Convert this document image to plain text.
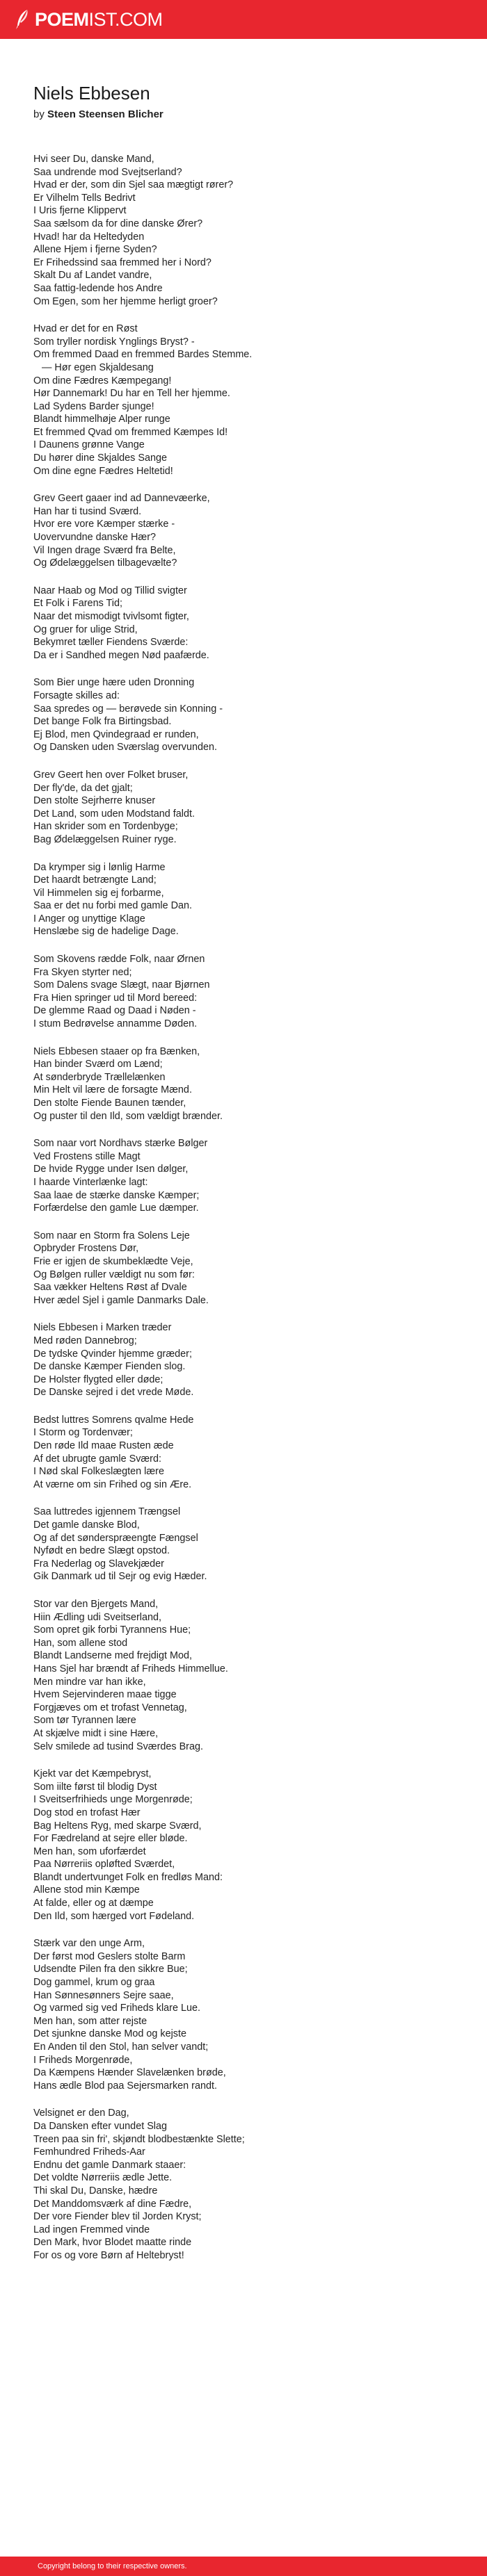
POEM IST.COM
Niels Ebbesen
by Steen Steensen Blicher
Hvi seer Du, danske Mand,
Saa undrende mod Svejtserland?
Hvad er der, som din Sjel saa mægtigt rører?
Er Vilhelm Tells Bedrivt
I Uris fjerne Klippervt
Saa sælsom da for dine danske Ører?
Hvad! har da Heltedyden
Allene Hjem i fjerne Syden?
Er Frihedssind saa fremmed her i Nord?
Skalt Du af Landet vandre,
Saa fattig-ledende hos Andre
Om Egen, som her hjemme herligt groer?
Hvad er det for en Røst
Som tryller nordisk Ynglings Bryst? -
Om fremmed Daad en fremmed Bardes Stemme.
— Hør egen Skjaldesang
Om dine Fædres Kæmpegang!
Hør Dannemark! Du har en Tell her hjemme.
Lad Sydens Barder sjunge!
Blandt himmelhøje Alper runge
Et fremmed Qvad om fremmed Kæmpes Id!
I Daunens grønne Vange
Du hører dine Skjaldes Sange
Om dine egne Fædres Heltetid!
Grev Geert gaaer ind ad Dannevæerke,
Han har ti tusind Sværd.
Hvor ere vore Kæmper stærke -
Uovervundne danske Hær?
Vil Ingen drage Sværd fra Belte,
Og Ødelæggelsen tilbagevælte?
Naar Haab og Mod og Tillid svigter
Et Folk i Farens Tid;
Naar det mismodigt tvivlsomt figter,
Og gruer for ulige Strid,
Bekymret tæller Fiendens Sværde:
Da er i Sandhed megen Nød paafærde.
Som Bier unge hære uden Dronning
Forsagte skilles ad:
Saa spredes og — berøvede sin Konning -
Det bange Folk fra Birtingsbad.
Ej Blod, men Qvindegraad er runden,
Og Dansken uden Sværslag overvunden.
Grev Geert hen over Folket bruser,
Der fly'de, da det gjalt;
Den stolte Sejrherre knuser
Det Land, som uden Modstand faldt.
Han skrider som en Tordenbyge;
Bag Ødelæggelsen Ruiner ryge.
Da krymper sig i lønlig Harme
Det haardt betrængte Land;
Vil Himmelen sig ej forbarme,
Saa er det nu forbi med gamle Dan.
I Anger og unyttige Klage
Henslæbe sig de hadelige Dage.
Som Skovens rædde Folk, naar Ørnen
Fra Skyen styrter ned;
Som Dalens svage Slægt, naar Bjørnen
Fra Hien springer ud til Mord bereed:
De glemme Raad og Daad i Nøden -
I stum Bedrøvelse annamme Døden.
Niels Ebbesen staaer op fra Bænken,
Han binder Sværd om Lænd;
At sønderbryde Trællelænken
Min Helt vil lære de forsagte Mænd.
Den stolte Fiende Baunen tænder,
Og puster til den Ild, som vældigt brænder.
Som naar vort Nordhavs stærke Bølger
Ved Frostens stille Magt
De hvide Rygge under Isen dølger,
I haarde Vinterlænke lagt:
Saa laae de stærke danske Kæmper;
Forfærdelse den gamle Lue dæmper.
Som naar en Storm fra Solens Leje
Opbryder Frostens Dør,
Frie er igjen de skumbeklædte Veje,
Og Bølgen ruller vældigt nu som før:
Saa vækker Heltens Røst af Dvale
Hver ædel Sjel i gamle Danmarks Dale.
Niels Ebbesen i Marken træder
Med røden Dannebrog;
De tydske Qvinder hjemme græder;
De danske Kæmper Fienden slog.
De Holster flygted eller døde;
De Danske sejred i det vrede Møde.
Bedst luttres Somrens qvalme Hede
I Storm og Tordenvær;
Den røde Ild maae Rusten æde
Af det ubrugte gamle Sværd:
I Nød skal Folkeslægten lære
At værne om sin Frihed og sin Ære.
Saa luttredes igjennem Trængsel
Det gamle danske Blod,
Og af det sønderspræengte Fængsel
Nyfødt en bedre Slægt opstod.
Fra Nederlag og Slavekjæder
Gik Danmark ud til Sejr og evig Hæder.
Stor var den Bjergets Mand,
Hiin Ædling udi Sveitserland,
Som opret gik forbi Tyrannens Hue;
Han, som allene stod
Blandt Landserne med frejdigt Mod,
Hans Sjel har brændt af Friheds Himmellue.
Men mindre var han ikke,
Hvem Sejervinderen maae tigge
Forgjæves om et trofast Vennetag,
Som tør Tyrannen lære
At skjælve midt i sine Hære,
Selv smilede ad tusind Sværdes Brag.
Kjekt var det Kæmpebryst,
Som iilte først til blodig Dyst
I Sveitserfrihieds unge Morgenrøde;
Dog stod en trofast Hær
Bag Heltens Ryg, med skarpe Sværd,
For Fædreland at sejre eller bløde.
Men han, som uforfærdet
Paa Nørreriis opløfted Sværdet,
Blandt undertvunget Folk en fredløs Mand:
Allene stod min Kæmpe
At falde, eller og at dæmpe
Den Ild, som hærged vort Fødeland.
Stærk var den unge Arm,
Der først mod Geslers stolte Barm
Udsendte Pilen fra den sikkre Bue;
Dog gammel, krum og graa
Han Sønnesønners Sejre saae,
Og varmed sig ved Friheds klare Lue.
Men han, som atter rejste
Det sjunkne danske Mod og kejste
En Anden til den Stol, han selver vandt;
I Friheds Morgenrøde,
Da Kæmpens Hænder Slavelænken brøde,
Hans ædle Blod paa Sejersmarken randt.
Velsignet er den Dag,
Da Dansken efter vundet Slag
Treen paa sin fri', skjøndt blodbestænkte Slette;
Femhundred Friheds-Aar
Endnu det gamle Danmark staaer:
Det voldte Nørreriis ædle Jette.
Thi skal Du, Danske, hædre
Det Manddomsværk af dine Fædre,
Der vore Fiender blev til Jorden Kryst;
Lad ingen Fremmed vinde
Den Mark, hvor Blodet maatte rinde
For os og vore Børn af Heltebryst!
Copyright belong to their respective owners.
